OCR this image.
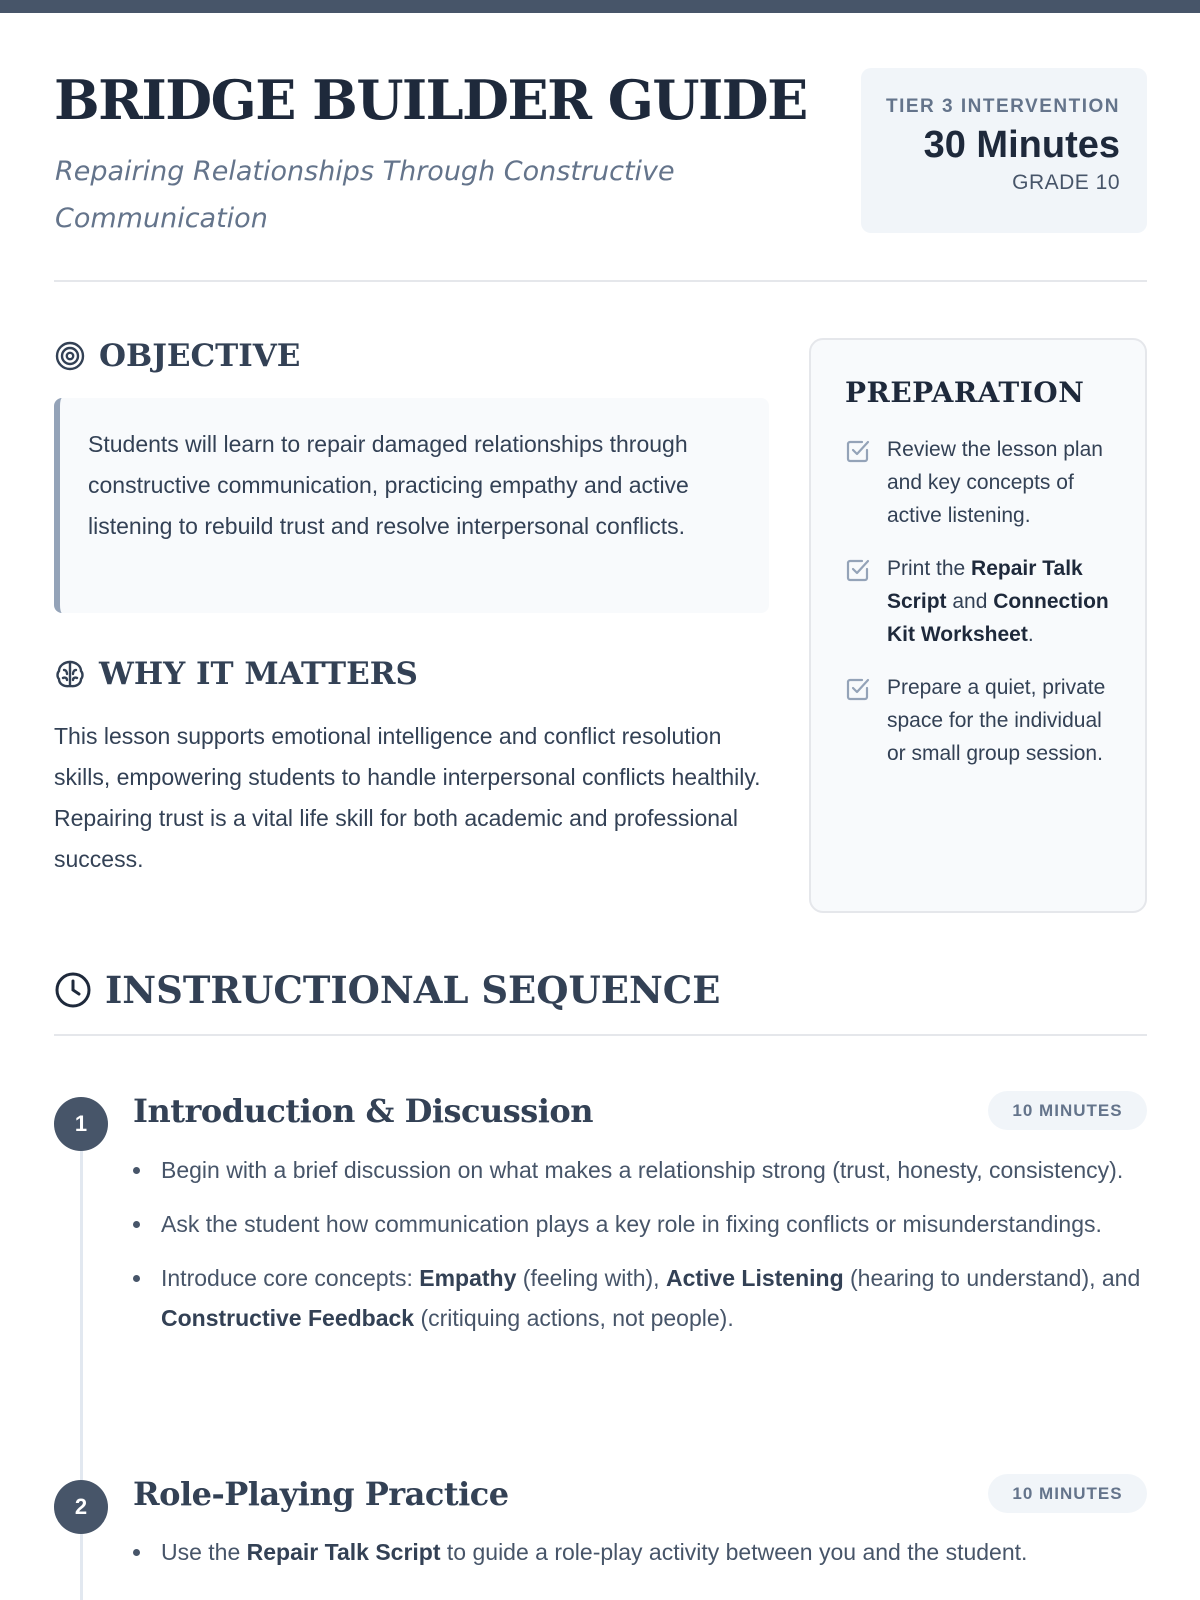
BRIDGE BUILDER GUIDE
Repairing Relationships Through Constructive Communication
TIER 3 INTERVENTION
30 Minutes
GRADE 10
OBJECTIVE

Students will learn to repair damaged relationships through constructive communication, practicing empathy and active listening to rebuild trust and resolve interpersonal conflicts.

WHY IT MATTERS

This lesson supports emotional intelligence and conflict resolution skills, empowering students to handle interpersonal conflicts healthily. Repairing trust is a vital life skill for both academic and professional success.

PREPARATION
Review the lesson plan and key concepts of active listening.
Print the Repair Talk Script and Connection Kit Worksheet.
Prepare a quiet, private space for the individual or small group session.
INSTRUCTIONAL SEQUENCE
1	Introduction & Discussion	10 MINUTES
Begin with a brief discussion on what makes a relationship strong (trust, honesty, consistency).
Ask the student how communication plays a key role in fixing conflicts or misunderstandings.
Introduce core concepts: Empathy (feeling with), Active Listening (hearing to understand), and Constructive Feedback (critiquing actions, not people).
2	Role-Playing Practice	10 MINUTES
Use the Repair Talk Script to guide a role-play activity between you and the student.
